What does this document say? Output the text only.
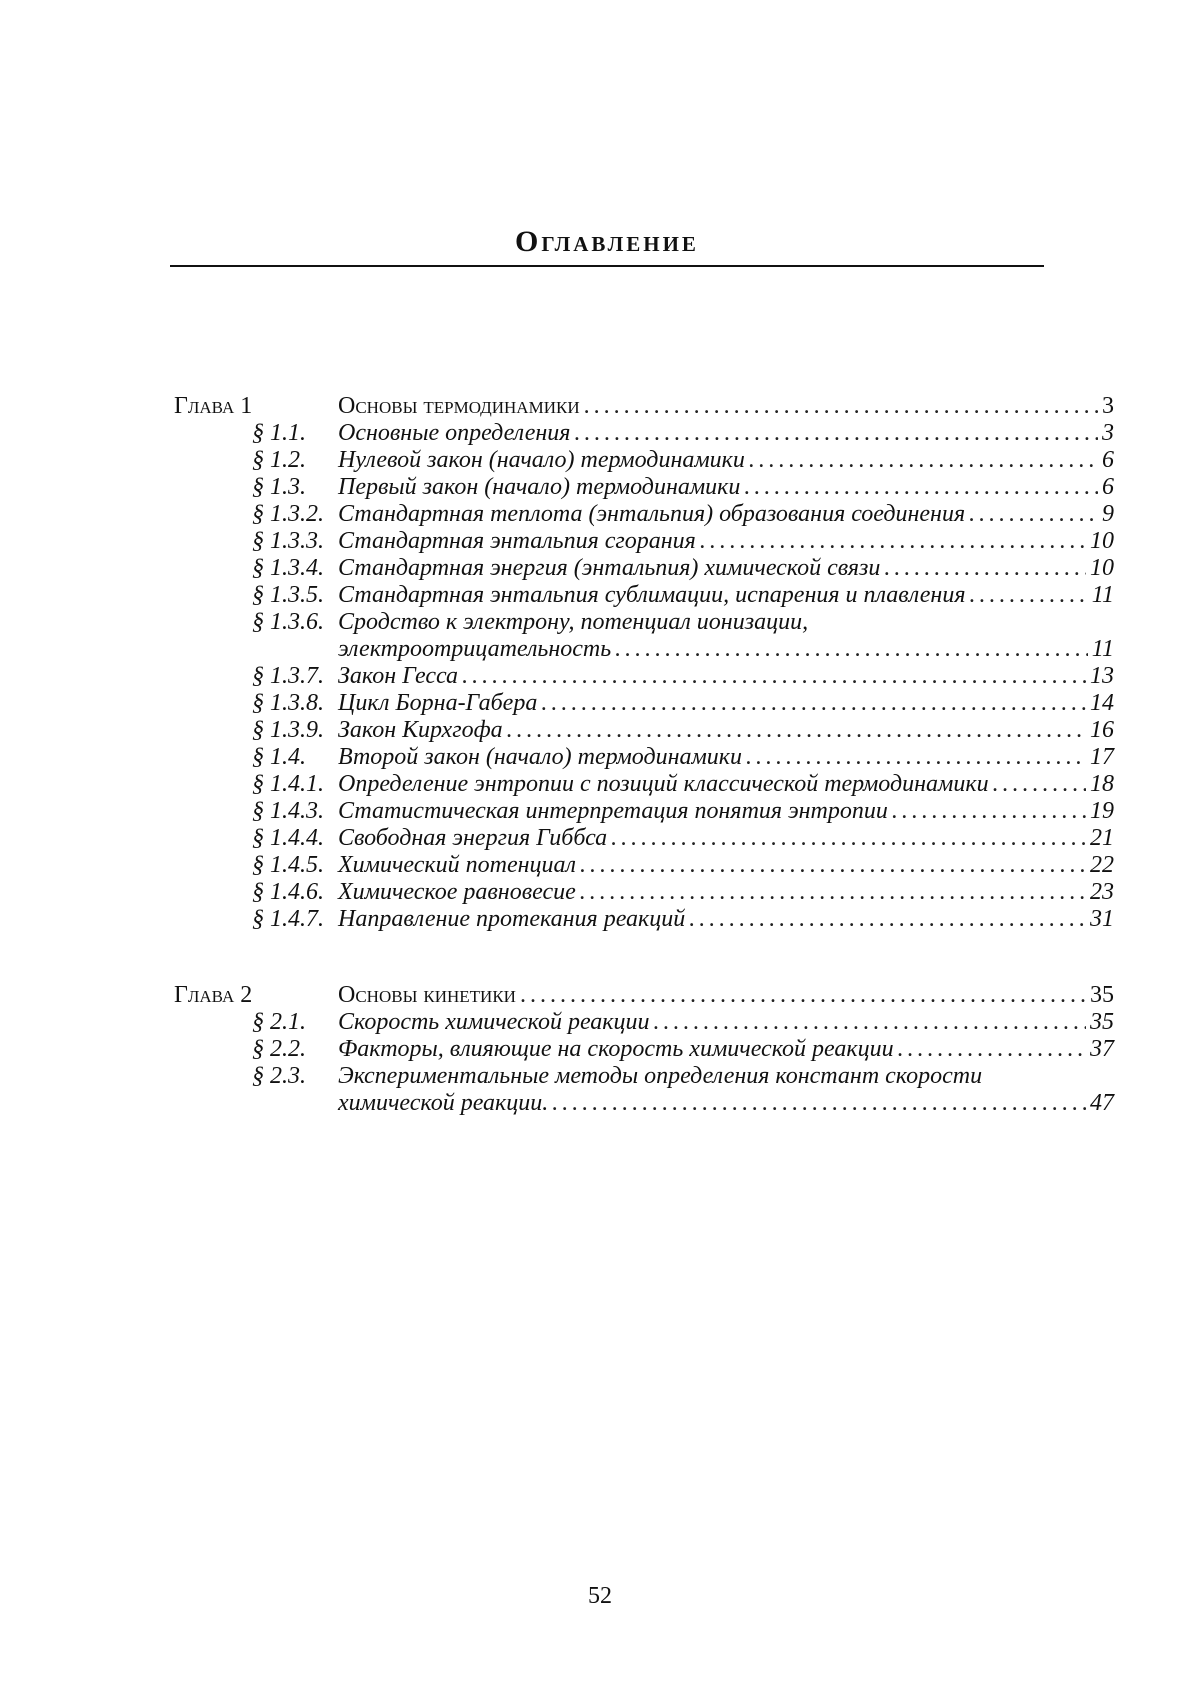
Оглавление
Глава 1	Основы термодинамики . . .	3
§ 1.1. Основные определения . . .	3
§ 1.2. Нулевой закон (начало) термодинамики . . .	6
§ 1.3. Первый закон (начало) термодинамики . . .	6
§ 1.3.2. Стандартная теплота (энтальпия) образования соединения . . .	9
§ 1.3.3. Стандартная энтальпия сгорания . . .	10
§ 1.3.4. Стандартная энергия (энтальпия) химической связи . . .	10
§ 1.3.5. Стандартная энтальпия сублимации, испарения и плавления . . .	11
§ 1.3.6. Сродство к электрону, потенциал ионизации,
электроотрицательность . . .	11
§ 1.3.7. Закон Гесса . . .	13
§ 1.3.8. Цикл Борна-Габера . . .	14
§ 1.3.9. Закон Кирхгофа . . .	16
§ 1.4. Второй закон (начало) термодинамики . . .	17
§ 1.4.1. Определение энтропии с позиций классической термодинамики . . .	18
§ 1.4.3. Статистическая интерпретация понятия энтропии . . .	19
§ 1.4.4. Свободная энергия Гиббса . . .	21
§ 1.4.5. Химический потенциал . . .	22
§ 1.4.6. Химическое равновесие . . .	23
§ 1.4.7. Направление протекания реакций . . .	31
Глава 2	Основы кинетики . . .	35
§ 2.1. Скорость химической реакции . . .	35
§ 2.2. Факторы, влияющие на скорость химической реакции . . .	37
§ 2.3. Экспериментальные методы определения констант скорости
химической реакции. . . .	47
52
